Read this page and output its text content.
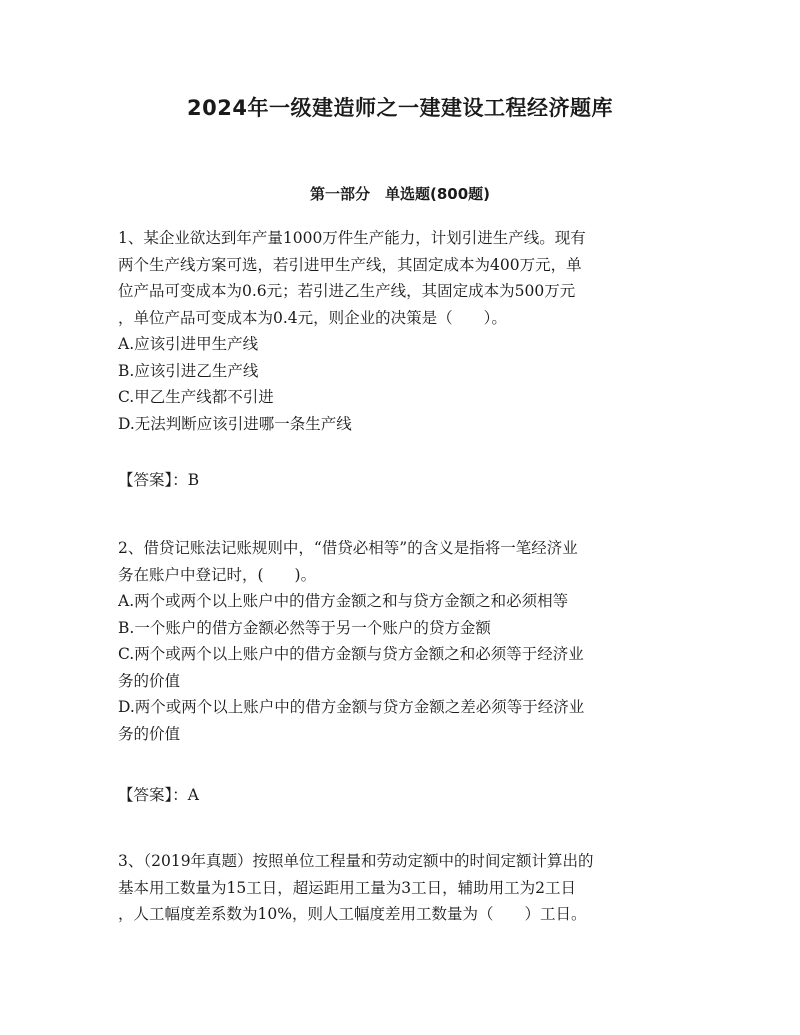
2024年一级建造师之一建建设工程经济题库
第一部分　单选题(800题)
1、某企业欲达到年产量1000万件生产能力，计划引进生产线。现有
两个生产线方案可选，若引进甲生产线，其固定成本为400万元，单
位产品可变成本为0.6元；若引进乙生产线，其固定成本为500万元
，单位产品可变成本为0.4元，则企业的决策是（　　）。
A.应该引进甲生产线
B.应该引进乙生产线
C.甲乙生产线都不引进
D.无法判断应该引进哪一条生产线
【答案】：B
2、借贷记账法记账规则中，“借贷必相等”的含义是指将一笔经济业
务在账户中登记时，(　　)。
A.两个或两个以上账户中的借方金额之和与贷方金额之和必须相等
B.一个账户的借方金额必然等于另一个账户的贷方金额
C.两个或两个以上账户中的借方金额与贷方金额之和必须等于经济业
务的价值
D.两个或两个以上账户中的借方金额与贷方金额之差必须等于经济业
务的价值
【答案】：A
3、（2019年真题）按照单位工程量和劳动定额中的时间定额计算出的
基本用工数量为15工日，超运距用工量为3工日，辅助用工为2工日
，人工幅度差系数为10%，则人工幅度差用工数量为（　　）工日。
